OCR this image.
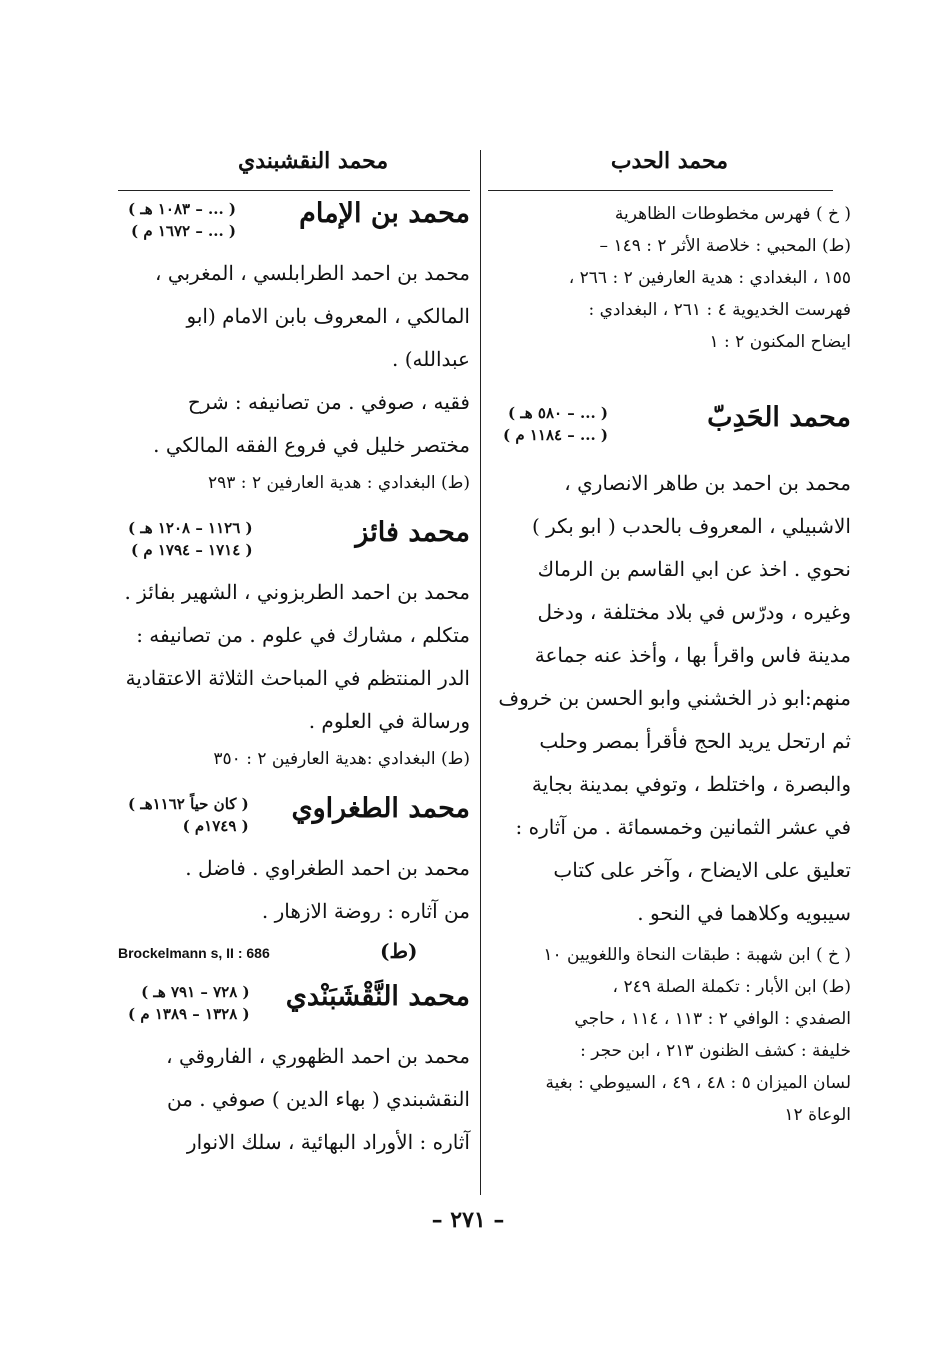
محمد الحدب
محمد النقشبندي

( خ ) فهرس مخطوطات الظاهرية

(ط) المحبي : خلاصة الأثر ٢ : ١٤٩ –

١٥٥ ، البغدادي : هدية العارفين ٢ : ٢٦٦ ،

فهرست الخديوية ٤ : ٢٦١ ، البغدادي :

ايضاح المكنون ٢ : ١

محمد الحَدِبّ
( ... – ٥٨٠ هـ )
( ... – ١١٨٤ م )

محمد بن احمد بن طاهر الانصاري ،

الاشبيلي ، المعروف بالحدب ( ابو بكر )

نحوي . اخذ عن ابي القاسم بن الرماك

وغيره ، ودرّس في بلاد مختلفة ، ودخل

مدينة فاس واقرأ بها ، وأخذ عنه جماعة

منهم:ابو ذر الخشني وابو الحسن بن خروف

ثم ارتحل يريد الحج فأقرأ بمصر وحلب

والبصرة ، واختلط ، وتوفي بمدينة بجاية

في عشر الثمانين وخمسمائة . من آثاره :

تعليق على الايضاح ، وآخر على كتاب

سيبويه وكلاهما في النحو .

( خ ) ابن شهبة : طبقات النحاة واللغويين ١٠

(ط) ابن الأبار : تكملة الصلة ٢٤٩ ،

الصفدي : الوافي ٢ : ١١٣ ، ١١٤ ، حاجي

خليفة : كشف الظنون ٢١٣ ، ابن حجر :

لسان الميزان ٥ : ٤٨ ، ٤٩ ، السيوطي : بغية

الوعاة ١٢

محمد بن الإمام
( ... – ١٠٨٣ هـ )
( ... – ١٦٧٢ م )

محمد بن احمد الطرابلسي ، المغربي ،

المالكي ، المعروف بابن الامام (ابو عبدالله) .

فقيه ، صوفي . من تصانيفه : شرح

مختصر خليل في فروع الفقه المالكي .

(ط) البغدادي : هدية العارفين ٢ : ٢٩٣

محمد فائز
( ١١٢٦ – ١٢٠٨ هـ )
( ١٧١٤ – ١٧٩٤ م )

محمد بن احمد الطربزوني ، الشهير بفائز .

متكلم ، مشارك في علوم . من تصانيفه :

الدر المنتظم في المباحث الثلاثة الاعتقادية

ورسالة في العلوم .

(ط) البغدادي :هدية العارفين ٢ : ٣٥٠

محمد الطغراوي
( كان حياً ١١٦٢هـ )
( ١٧٤٩م )

محمد بن احمد الطغراوي . فاضل .

من آثاره : روضة الازهار .

Brockelmann s, II : 686	(ط)
محمد النَّقْشَبَنْدي
( ٧٢٨ – ٧٩١ هـ )
( ١٣٢٨ – ١٣٨٩ م )

محمد بن احمد الظهوري ، الفاروقي ،

النقشبندي ( بهاء الدين ) صوفي . من

آثاره : الأوراد البهائية ، سلك الانوار

– ٢٧١ –
